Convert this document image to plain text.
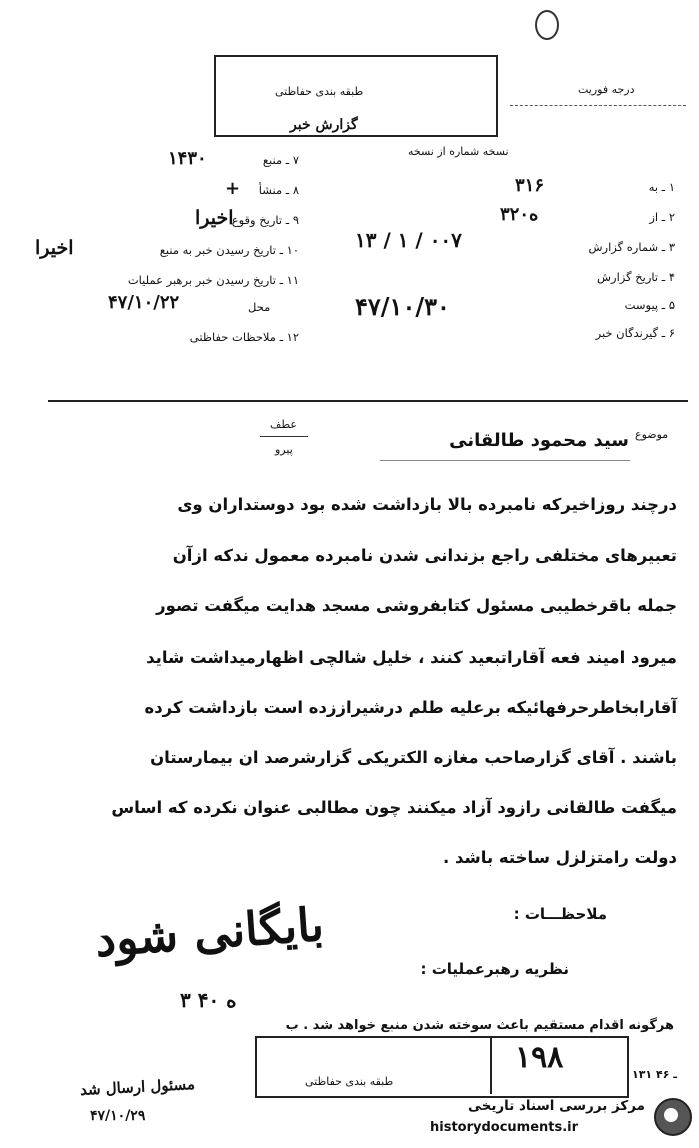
طبقه بندی حفاظتی
گزارش خبر
درجه فوریت
نسخه شماره از نسخه
۷ ـ منبع
۱۴۳۰
۸ ـ منشأ
+
۹ ـ تاریخ وقوع
اخیرا
۱۰ ـ تاریخ رسیدن خبر به منبع
اخیرا
۱۱ ـ تاریخ رسیدن خبر برهبر عملیات
محل
۴۷/۱۰/۲۲
۱۲ ـ ملاحظات حفاظتی
۱ ـ به
۳۱۶
۲ ـ از
۳ه۲۰
۳ ـ شماره گزارش
۱۳ / ۱ / ۰۰۷
۴ ـ تاریخ گزارش
۴۷/۱۰/۳۰	۵ ـ پیوست
۶ ـ گیرندگان خبر
عطف
پیرو
موضوع
سید محمود طالقانی
درچند روزاخیرکه نامبرده بالا بازداشت شده بود دوستداران وی
تعبیرهای مختلفی راجع بزندانی شدن نامبرده معمول ندکه ازآن
جمله باقرخطیبی مسئول کتابفروشی مسجد هدایت میگفت تصور
میرود امیند فعه آقاراتبعید کنند ، خلیل شالچی اظهارمیداشت شاید
آقارابخاطرحرفهائیکه برعلیه طلم درشیراززده است بازداشت کرده
باشند . آقای گزارصاحب مغازه الکتریکی گزارشرصد ان بیمارستان
میگفت طالقانی رازود آزاد میکنند چون مطالبی عنوان نکرده که اساس
دولت رامتزلزل ساخته باشد .
ملاحظـــات :
بایگانی شود
نظریه رهبرعملیات :
۳ ه ۴۰
هرگونه اقدام مستقیم باعث سوخته شدن منبع خواهد شد . ب
۱۹۸
طبقه بندی حفاظتی
۱۳۱ ـ ۴۶
مسئول ارسال شد
۴۷/۱۰/۲۹
مرکز بررسی اسناد تاریخی
historydocuments.ir
